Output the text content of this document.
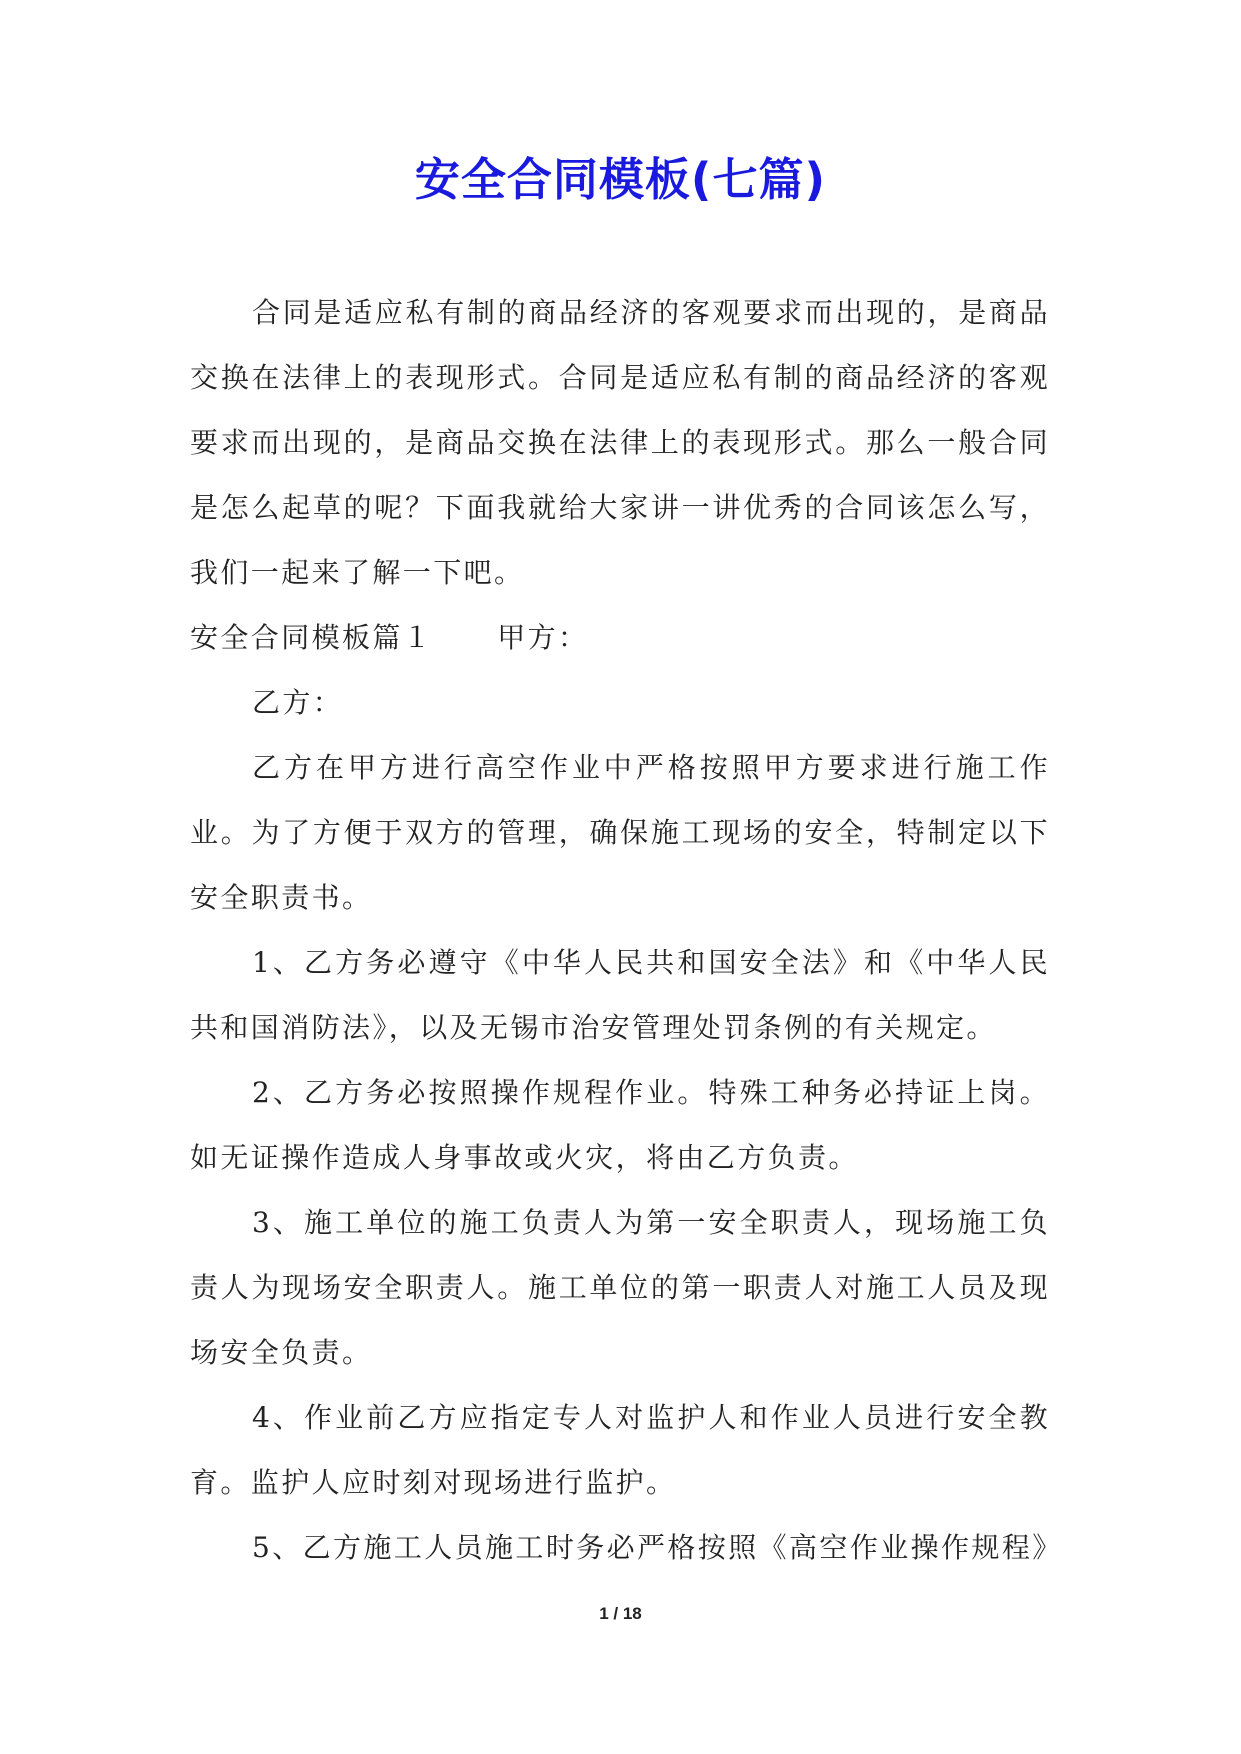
安全合同模板(七篇)

合同是适应私有制的商品经济的客观要求而出现的，是商品交换在法律上的表现形式。合同是适应私有制的商品经济的客观要求而出现的，是商品交换在法律上的表现形式。那么一般合同是怎么起草的呢？下面我就给大家讲一讲优秀的合同该怎么写，我们一起来了解一下吧。

安全合同模板篇１ 甲方：

乙方：

乙方在甲方进行高空作业中严格按照甲方要求进行施工作业。为了方便于双方的管理，确保施工现场的安全，特制定以下安全职责书。

1、乙方务必遵守《中华人民共和国安全法》和《中华人民共和国消防法》，以及无锡市治安管理处罚条例的有关规定。

2、乙方务必按照操作规程作业。特殊工种务必持证上岗。如无证操作造成人身事故或火灾，将由乙方负责。

3、施工单位的施工负责人为第一安全职责人，现场施工负责人为现场安全职责人。施工单位的第一职责人对施工人员及现场安全负责。

4、作业前乙方应指定专人对监护人和作业人员进行安全教育。监护人应时刻对现场进行监护。

5、乙方施工人员施工时务必严格按照《高空作业操作规程》

1 / 18
